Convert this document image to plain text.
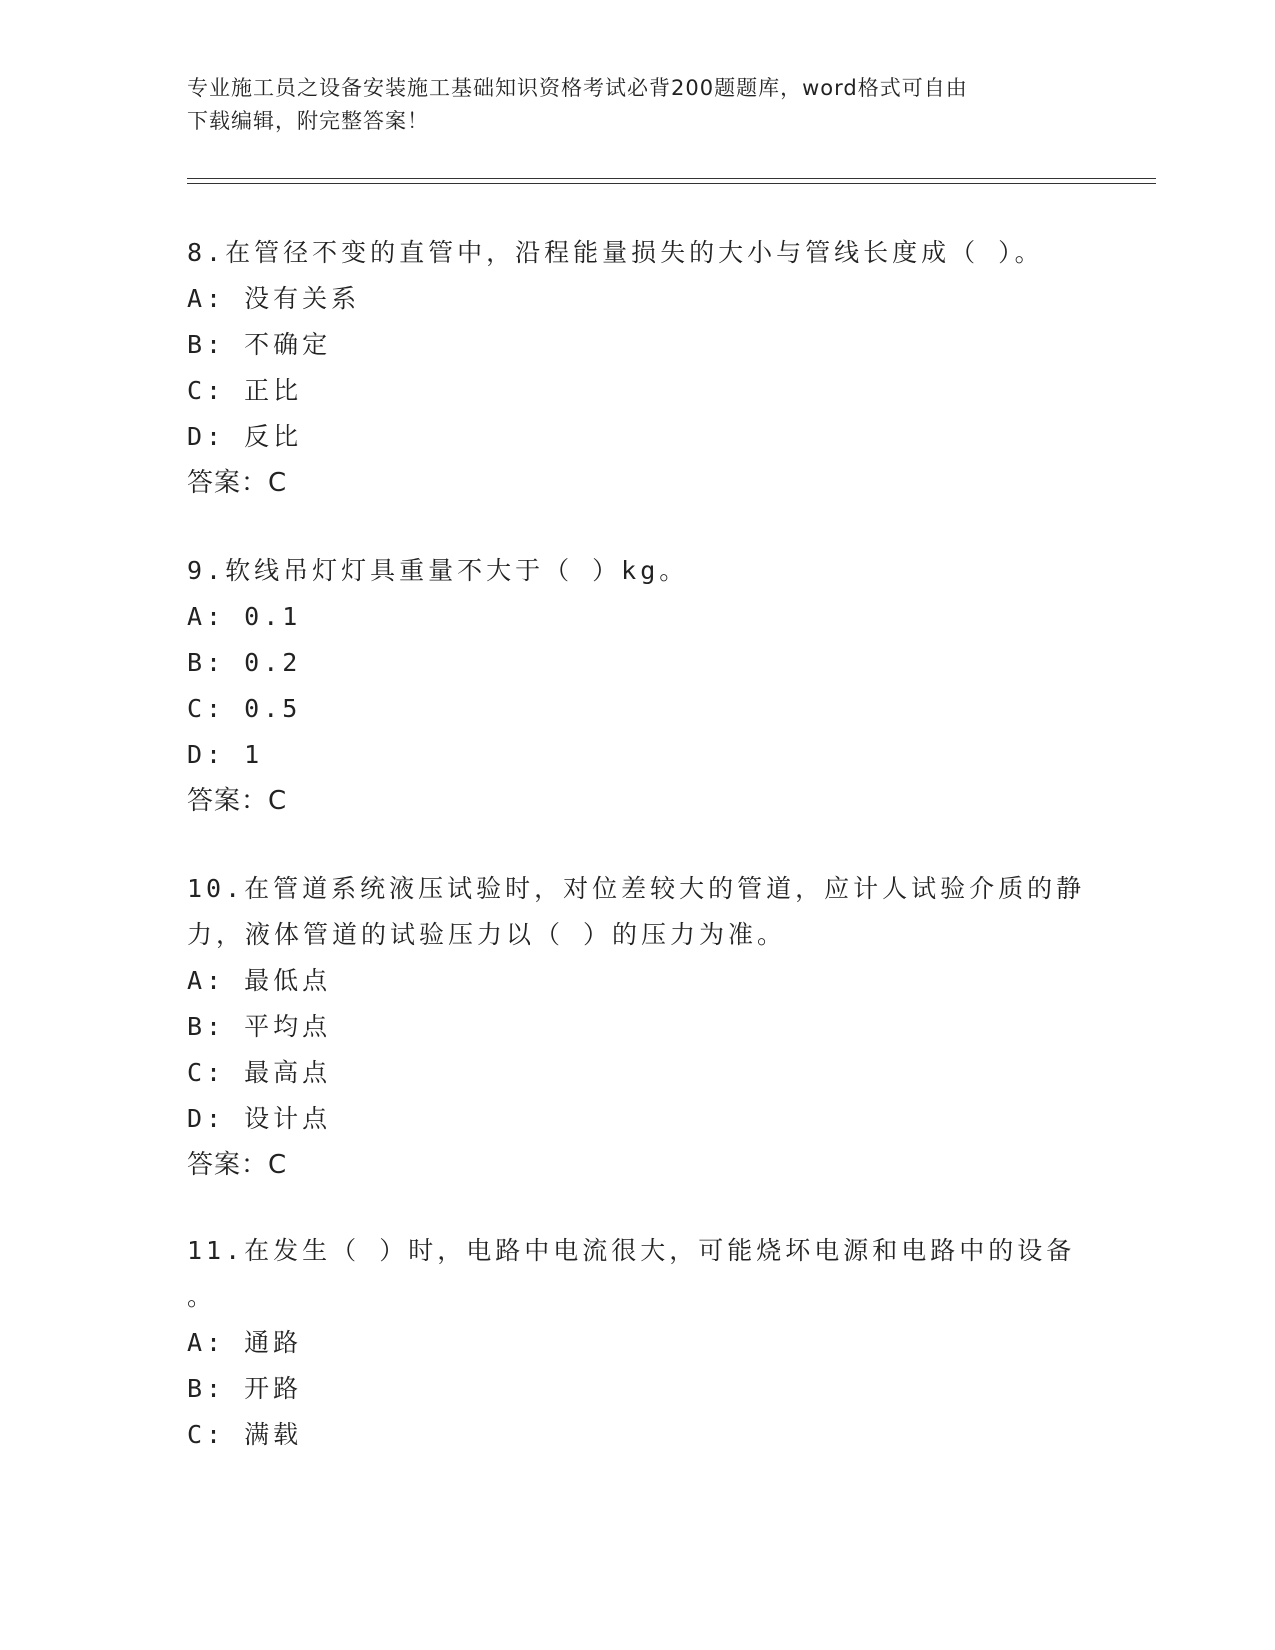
专业施工员之设备安装施工基础知识资格考试必背200题题库，word格式可自由
下载编辑，附完整答案！
8.在管径不变的直管中，沿程能量损失的大小与管线长度成（ ）。
A: 没有关系
B: 不确定
C: 正比
D: 反比
答案：C
9.软线吊灯灯具重量不大于（ ）kg。
A: 0.1
B: 0.2
C: 0.5
D: 1
答案：C
10.在管道系统液压试验时，对位差较大的管道，应计人试验介质的静
力，液体管道的试验压力以（ ）的压力为准。
A: 最低点
B: 平均点
C: 最高点
D: 设计点
答案：C
11.在发生（ ）时，电路中电流很大，可能烧坏电源和电路中的设备
。
A: 通路
B: 开路
C: 满载
